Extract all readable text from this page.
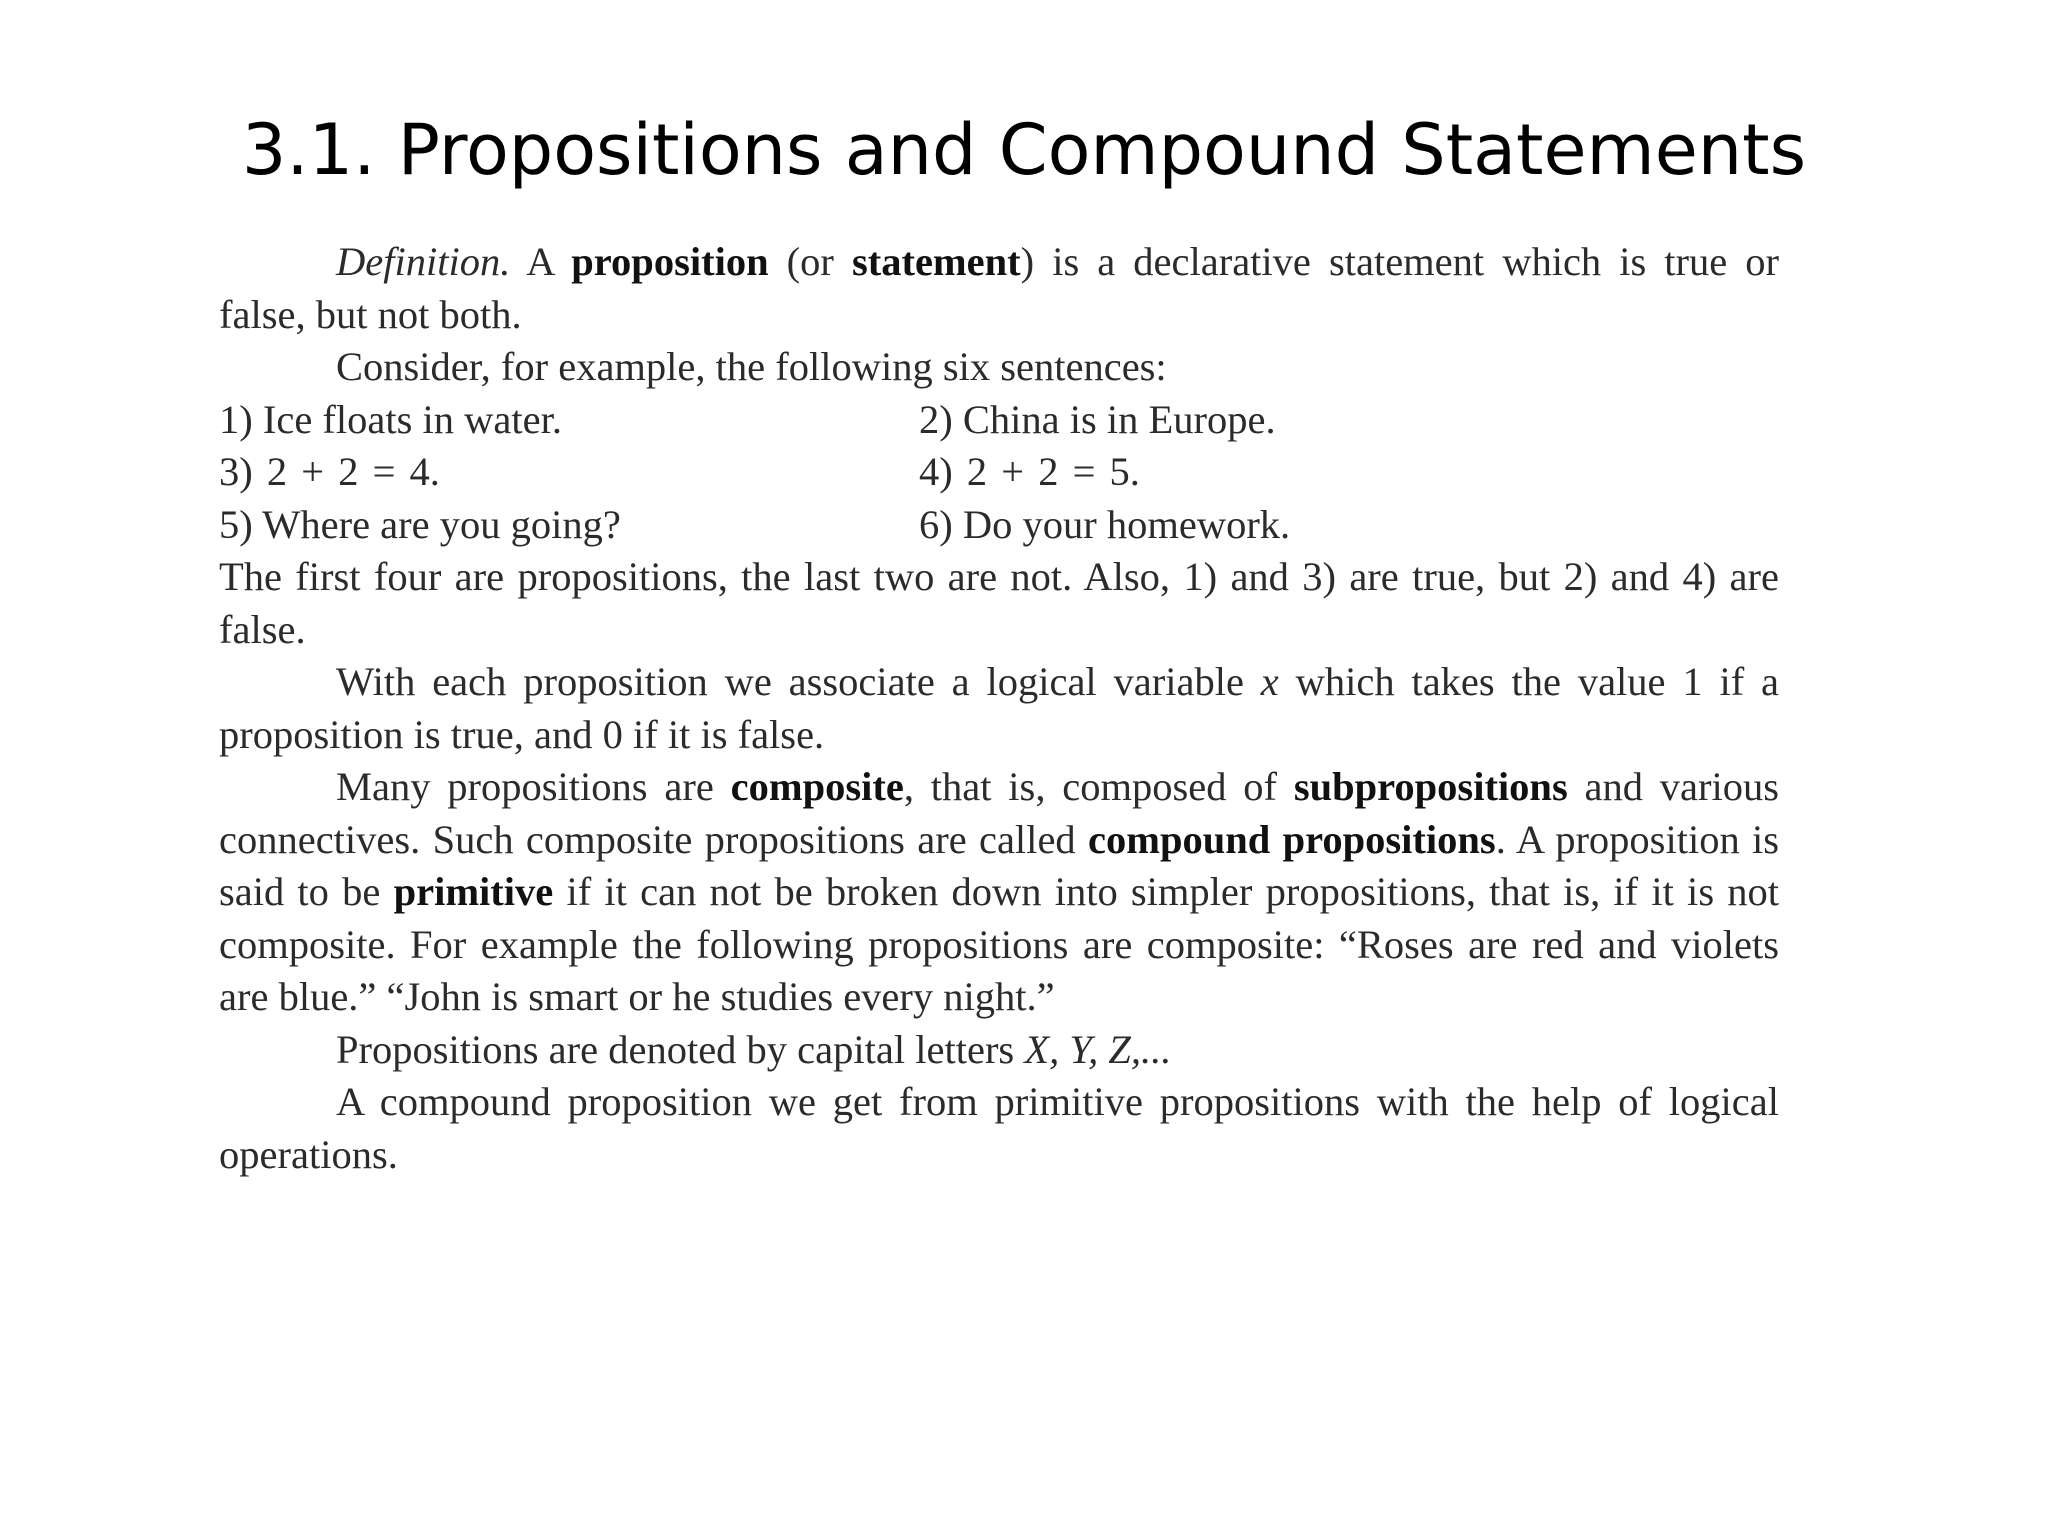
3.1. Propositions and Compound Statements

Definition. A proposition (or statement) is a declarative statement which is true or false, but not both.

Consider, for example, the following six sentences:

1) Ice floats in water.	2) China is in Europe.
3) 2 + 2 = 4.	4) 2 + 2 = 5.
5) Where are you going?	6) Do your homework.

The first four are propositions, the last two are not. Also, 1) and 3) are true, but 2) and 4) are false.

With each proposition we associate a logical variable x which takes the value 1 if a proposition is true, and 0 if it is false.

Many propositions are composite, that is, composed of subpropositions and various connectives. Such composite propositions are called compound propositions. A proposition is said to be primitive if it can not be broken down into simpler propositions, that is, if it is not composite. For example the following propositions are composite: “Roses are red and violets are blue.” “John is smart or he studies every night.”

Propositions are denoted by capital letters X, Y, Z,...

A compound proposition we get from primitive propositions with the help of logical operations.
